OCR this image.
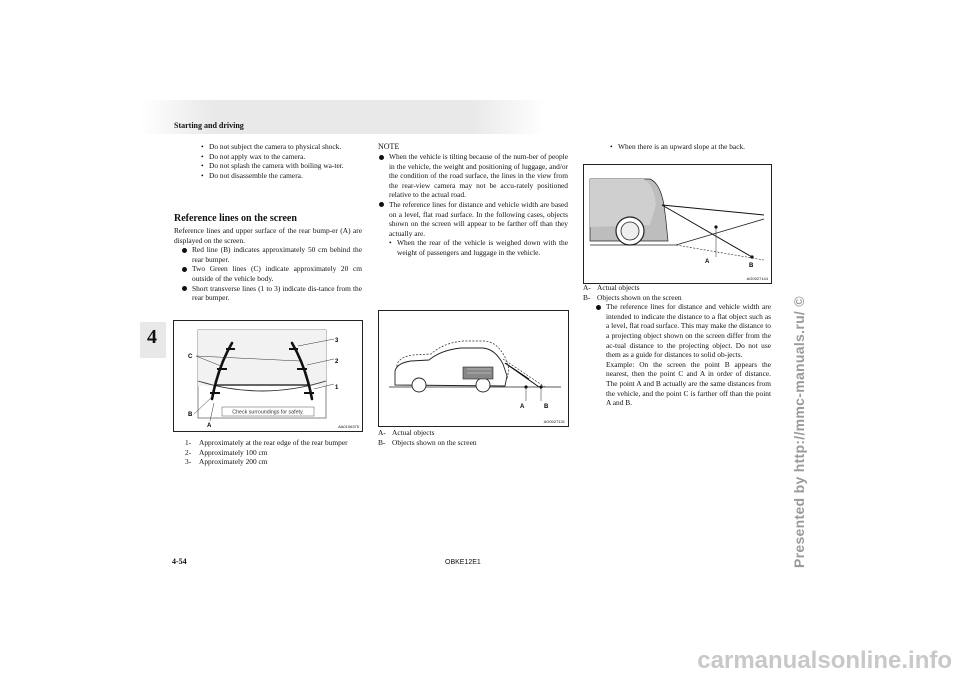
Starting and driving
4
4-54	OBKE12E1	Presented by http://mmc-manuals.ru/ ©
carmanualsonline.info
• Do not subject the camera to physical shock.
• Do not apply wax to the camera.
• Do not splash the camera with boiling wa-ter.
• Do not disassemble the camera.
Reference lines on the screen
Reference lines and upper surface of the rear bump-er (A) are displayed on the screen.
Red line (B) indicates approximately 50 cm behind the rear bumper.
Two Green lines (C) indicate approximately 20 cm outside of the vehicle body.
Short transverse lines (1 to 3) indicate dis-tance from the rear bumper.
Check surroundings for safety.
C
B
A
1
2
3
AA0106375
1- Approximately at the rear edge of the rear bumper
2- Approximately 100 cm
3- Approximately 200 cm
NOTE
When the vehicle is tilting because of the num-ber of people in the vehicle, the weight and positioning of luggage, and/or the condition of the road surface, the lines in the view from the rear-view camera may not be accu-rately positioned relative to the actual road.
The reference lines for distance and vehicle width are based on a level, flat road surface. In the following cases, objects shown on the screen will appear to be farther off than they actually are.
• When the rear of the vehicle is weighed down with the weight of passengers and luggage in the vehicle.
A	B
AG0027131
A- Actual objects
B- Objects shown on the screen
• When there is an upward slope at the back.
A
B
AG0027144
A- Actual objects
B- Objects shown on the screen
The reference lines for distance and vehicle width are intended to indicate the distance to a flat object such as a level, flat road surface. This may make the distance to a projecting object shown on the screen differ from the ac-tual distance to the projecting object. Do not use them as a guide for distances to solid ob-jects.
Example: On the screen the point B appears the nearest, then the point C and A in order of distance. The point A and B actually are the same distances from the vehicle, and the point C is farther off than the point A and B.
